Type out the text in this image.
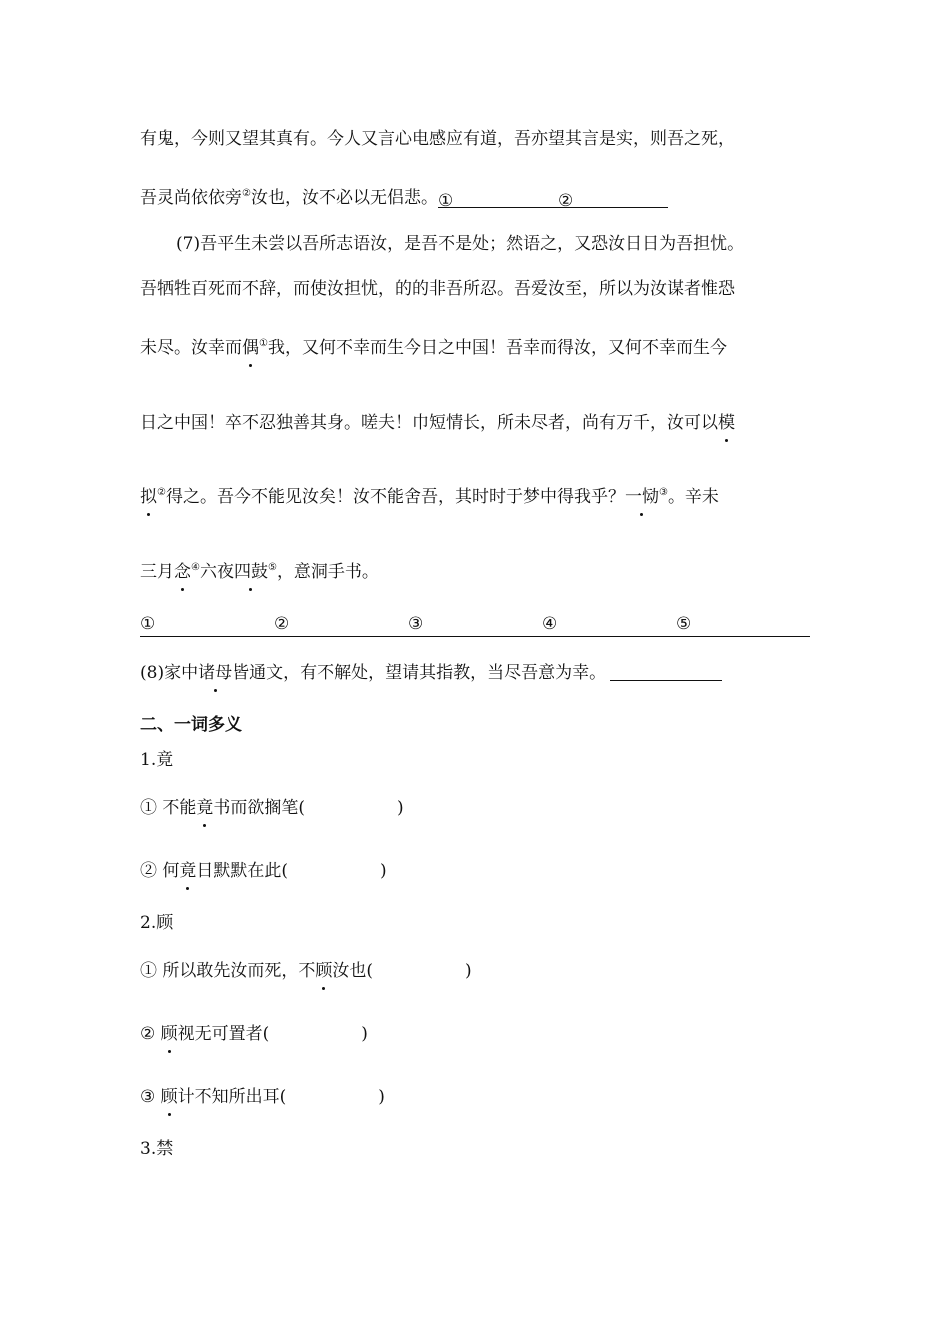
有鬼，今则又望其真有。今人又言心电感应有道，吾亦望其言是实，则吾之死，
吾灵尚依依旁②汝也，汝不必以无侣悲。①	②
(7)吾平生未尝以吾所志语汝，是吾不是处；然语之，又恐汝日日为吾担忧。
吾牺牲百死而不辞，而使汝担忧，的的非吾所忍。吾爱汝至，所以为汝谋者惟恐
未尽。汝幸而偶①我，又何不幸而生今日之中国！吾幸而得汝，又何不幸而生今
日之中国！卒不忍独善其身。嗟夫！巾短情长，所未尽者，尚有万千，汝可以模
拟②得之。吾今不能见汝矣！汝不能舍吾，其时时于梦中得我乎？一恸③。辛未
三月念④六夜四鼓⑤，意洞手书。
①	②	③	④	⑤
(8)家中诸母皆通文，有不解处，望请其指教，当尽吾意为幸。
二、一词多义
1.竟
① 不能竟书而欲搁笔(	)
② 何竟日默默在此(	)
2.顾
① 所以敢先汝而死，不顾汝也(	)
② 顾视无可置者(	)
③ 顾计不知所出耳(	)
3.禁
